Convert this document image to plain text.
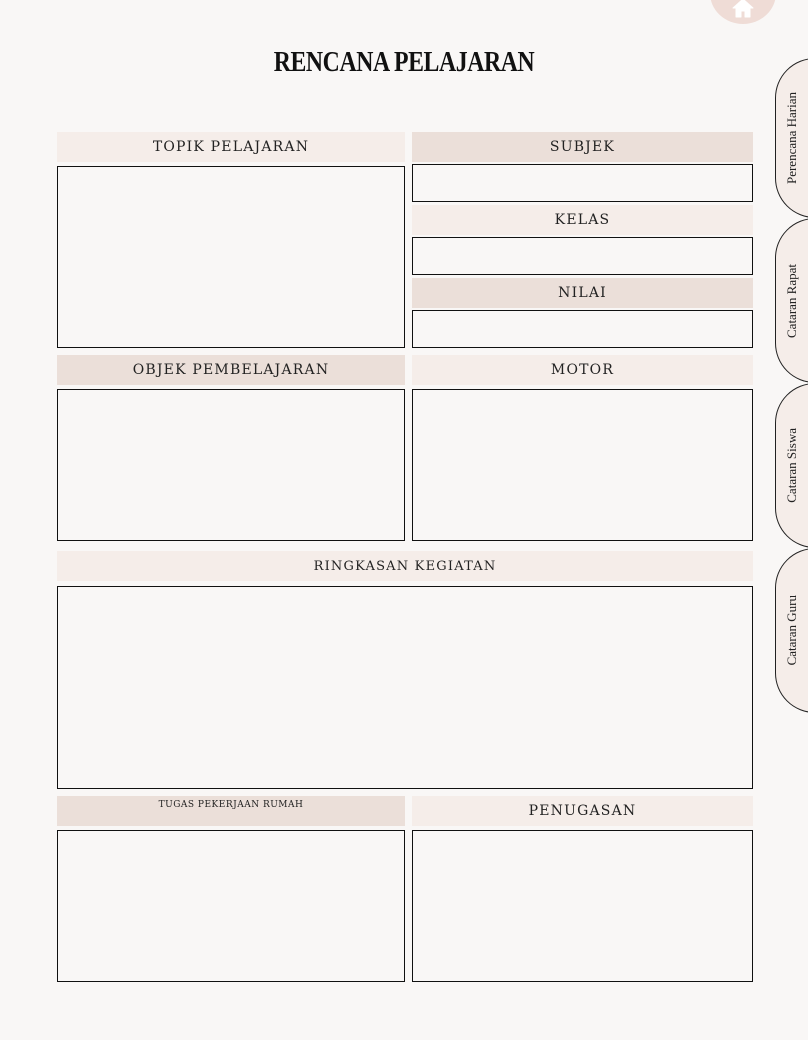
RENCANA PELAJARAN
TOPIK PELAJARAN	SUBJEK
KELAS
NILAI
OBJEK PEMBELAJARAN	MOTOR
RINGKASAN KEGIATAN
TUGAS PEKERJAAN RUMAH	PENUGASAN
Perencana Harian
Cataran Rapat
Cataran Siswa
Cataran Guru
